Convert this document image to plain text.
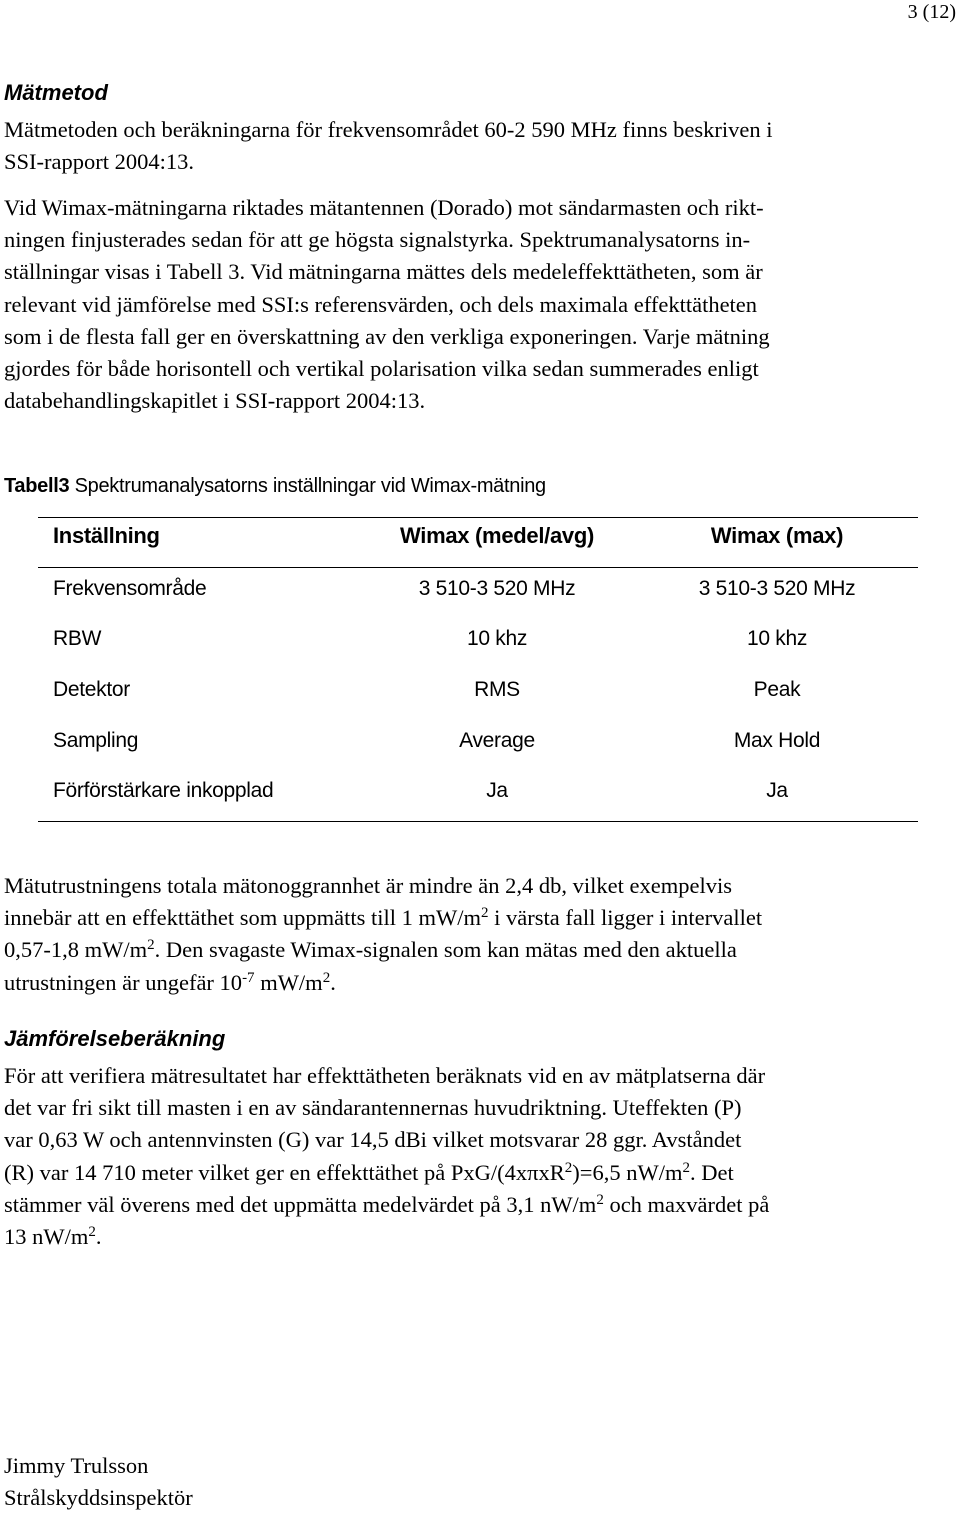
3 (12)
Mätmetod

Mätmetoden och beräkningarna för frekvensområdet 60-2 590 MHz finns beskriven i
SSI-rapport 2004:13.

Vid Wimax-mätningarna riktades mätantennen (Dorado) mot sändarmasten och rikt-
ningen finjusterades sedan för att ge högsta signalstyrka. Spektrumanalysatorns in-
ställningar visas i Tabell 3. Vid mätningarna mättes dels medeleffekttätheten, som är
relevant vid jämförelse med SSI:s referensvärden, och dels maximala effekttätheten
som i de flesta fall ger en överskattning av den verkliga exponeringen. Varje mätning
gjordes för både horisontell och vertikal polarisation vilka sedan summerades enligt
databehandlingskapitlet i SSI-rapport 2004:13.

Tabell3 Spektrumanalysatorns inställningar vid Wimax-mätning
Inställning	Wimax (medel/avg)	Wimax (max)
Frekvensområde	3 510-3 520 MHz	3 510-3 520 MHz
RBW	10 khz	10 khz
Detektor	RMS	Peak
Sampling	Average	Max Hold
Förförstärkare inkopplad	Ja	Ja

Mätutrustningens totala mätonoggrannhet är mindre än 2,4 db, vilket exempelvis
innebär att en effekttäthet som uppmätts till 1 $mW/m^2$ i värsta fall ligger i intervallet
0,57-1,8 $mW/m^2$. Den svagaste Wimax-signalen som kan mätas med den aktuella
utrustningen är ungefär $10^{-7}$ $mW/m^2$.

Jämförelseberäkning

För att verifiera mätresultatet har effekttätheten beräknats vid en av mätplatserna där
det var fri sikt till masten i en av sändarantennernas huvudriktning. Uteffekten (P)
var 0,63 W och antennvinsten (G) var 14,5 dBi vilket motsvarar 28 ggr. Avståndet
(R) var 14 710 meter vilket ger en effekttäthet på PxG/(4xπxR$^2$)=6,5 $nW/m^2$. Det
stämmer väl överens med det uppmätta medelvärdet på 3,1 $nW/m^2$ och maxvärdet på
13 $nW/m^2$.

Jimmy Trulsson
Strålskyddsinspektör
